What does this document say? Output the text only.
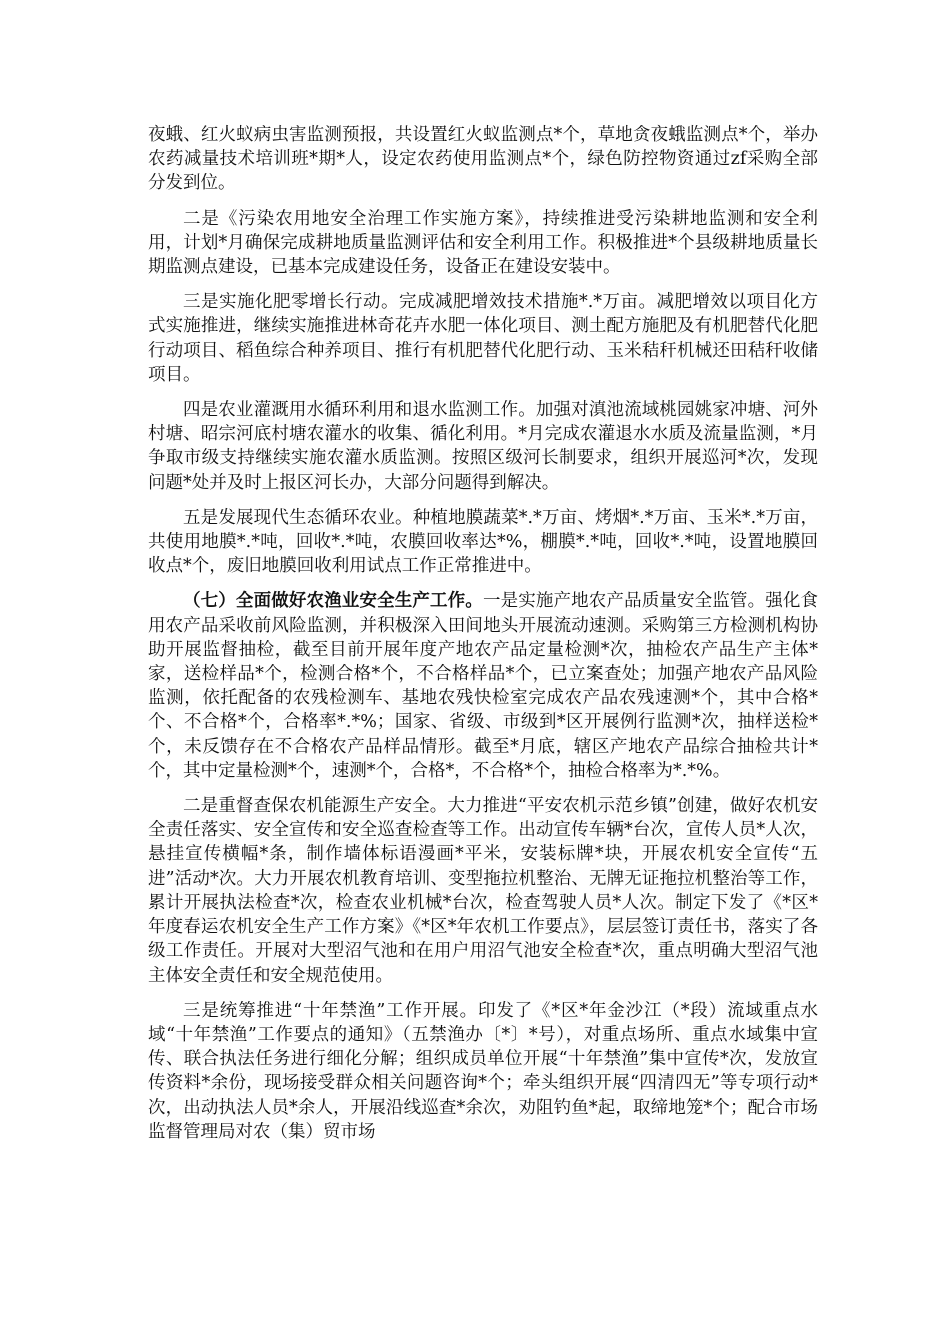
夜蛾、红火蚁病虫害监测预报，共设置红火蚁监测点*个，草地贪夜蛾监测点*个，举办农药减量技术培训班*期*人，设定农药使用监测点*个，绿色防控物资通过zf采购全部分发到位。

二是《污染农用地安全治理工作实施方案》，持续推进受污染耕地监测和安全利用，计划*月确保完成耕地质量监测评估和安全利用工作。积极推进*个县级耕地质量长期监测点建设，已基本完成建设任务，设备正在建设安装中。

三是实施化肥零增长行动。完成减肥增效技术措施*.*万亩。减肥增效以项目化方式实施推进，继续实施推进林奇花卉水肥一体化项目、测土配方施肥及有机肥替代化肥行动项目、稻鱼综合种养项目、推行有机肥替代化肥行动、玉米秸秆机械还田秸秆收储项目。

四是农业灌溉用水循环利用和退水监测工作。加强对滇池流域桃园姚家冲塘、河外村塘、昭宗河底村塘农灌水的收集、循化利用。*月完成农灌退水水质及流量监测，*月争取市级支持继续实施农灌水质监测。按照区级河长制要求，组织开展巡河*次，发现问题*处并及时上报区河长办，大部分问题得到解决。

五是发展现代生态循环农业。种植地膜蔬菜*.*万亩、烤烟*.*万亩、玉米*.*万亩，共使用地膜*.*吨，回收*.*吨，农膜回收率达*%，棚膜*.*吨，回收*.*吨，设置地膜回收点*个，废旧地膜回收利用试点工作正常推进中。

（七）全面做好农渔业安全生产工作。一是实施产地农产品质量安全监管。强化食用农产品采收前风险监测，并积极深入田间地头开展流动速测。采购第三方检测机构协助开展监督抽检，截至目前开展年度产地农产品定量检测*次，抽检农产品生产主体*家，送检样品*个，检测合格*个，不合格样品*个，已立案查处；加强产地农产品风险监测，依托配备的农残检测车、基地农残快检室完成农产品农残速测*个，其中合格*个、不合格*个，合格率*.*%；国家、省级、市级到*区开展例行监测*次，抽样送检*个，未反馈存在不合格农产品样品情形。截至*月底，辖区产地农产品综合抽检共计*个，其中定量检测*个，速测*个，合格*，不合格*个，抽检合格率为*.*%。

二是重督查保农机能源生产安全。大力推进“平安农机示范乡镇”创建，做好农机安全责任落实、安全宣传和安全巡查检查等工作。出动宣传车辆*台次，宣传人员*人次，悬挂宣传横幅*条，制作墙体标语漫画*平米，安装标牌*块，开展农机安全宣传“五进”活动*次。大力开展农机教育培训、变型拖拉机整治、无牌无证拖拉机整治等工作，累计开展执法检查*次，检查农业机械*台次，检查驾驶人员*人次。制定下发了《*区*年度春运农机安全生产工作方案》《*区*年农机工作要点》，层层签订责任书，落实了各级工作责任。开展对大型沼气池和在用户用沼气池安全检查*次，重点明确大型沼气池主体安全责任和安全规范使用。

三是统筹推进“十年禁渔”工作开展。印发了《*区*年金沙江（*段）流域重点水域“十年禁渔”工作要点的通知》（五禁渔办〔*〕*号），对重点场所、重点水域集中宣传、联合执法任务进行细化分解；组织成员单位开展“十年禁渔”集中宣传*次，发放宣传资料*余份，现场接受群众相关问题咨询*个；牵头组织开展“四清四无”等专项行动*次，出动执法人员*余人，开展沿线巡查*余次，劝阻钓鱼*起，取缔地笼*个；配合市场监督管理局对农（集）贸市场
